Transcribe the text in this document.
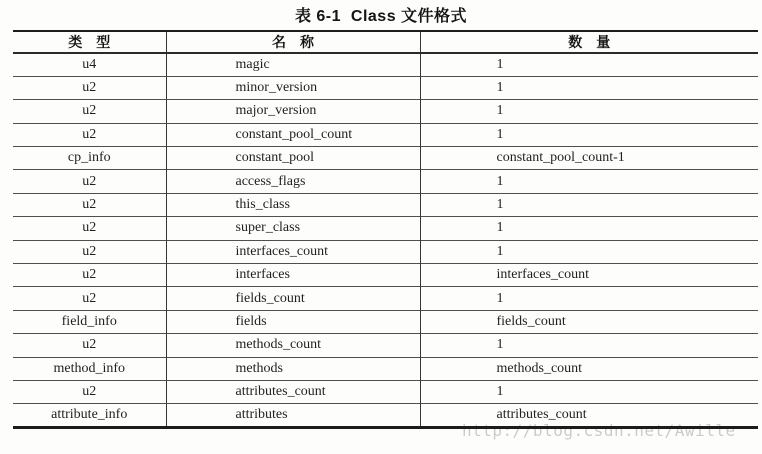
表 6-1  Class 文件格式
http://blog.csdn.net/Awille
类　型	名　称	数　量
u4	magic	1
u2	minor_version	1
u2	major_version	1
u2	constant_pool_count	1
cp_info	constant_pool	constant_pool_count-1
u2	access_flags	1
u2	this_class	1
u2	super_class	1
u2	interfaces_count	1
u2	interfaces	interfaces_count
u2	fields_count	1
field_info	fields	fields_count
u2	methods_count	1
method_info	methods	methods_count
u2	attributes_count	1
attribute_info	attributes	attributes_count
